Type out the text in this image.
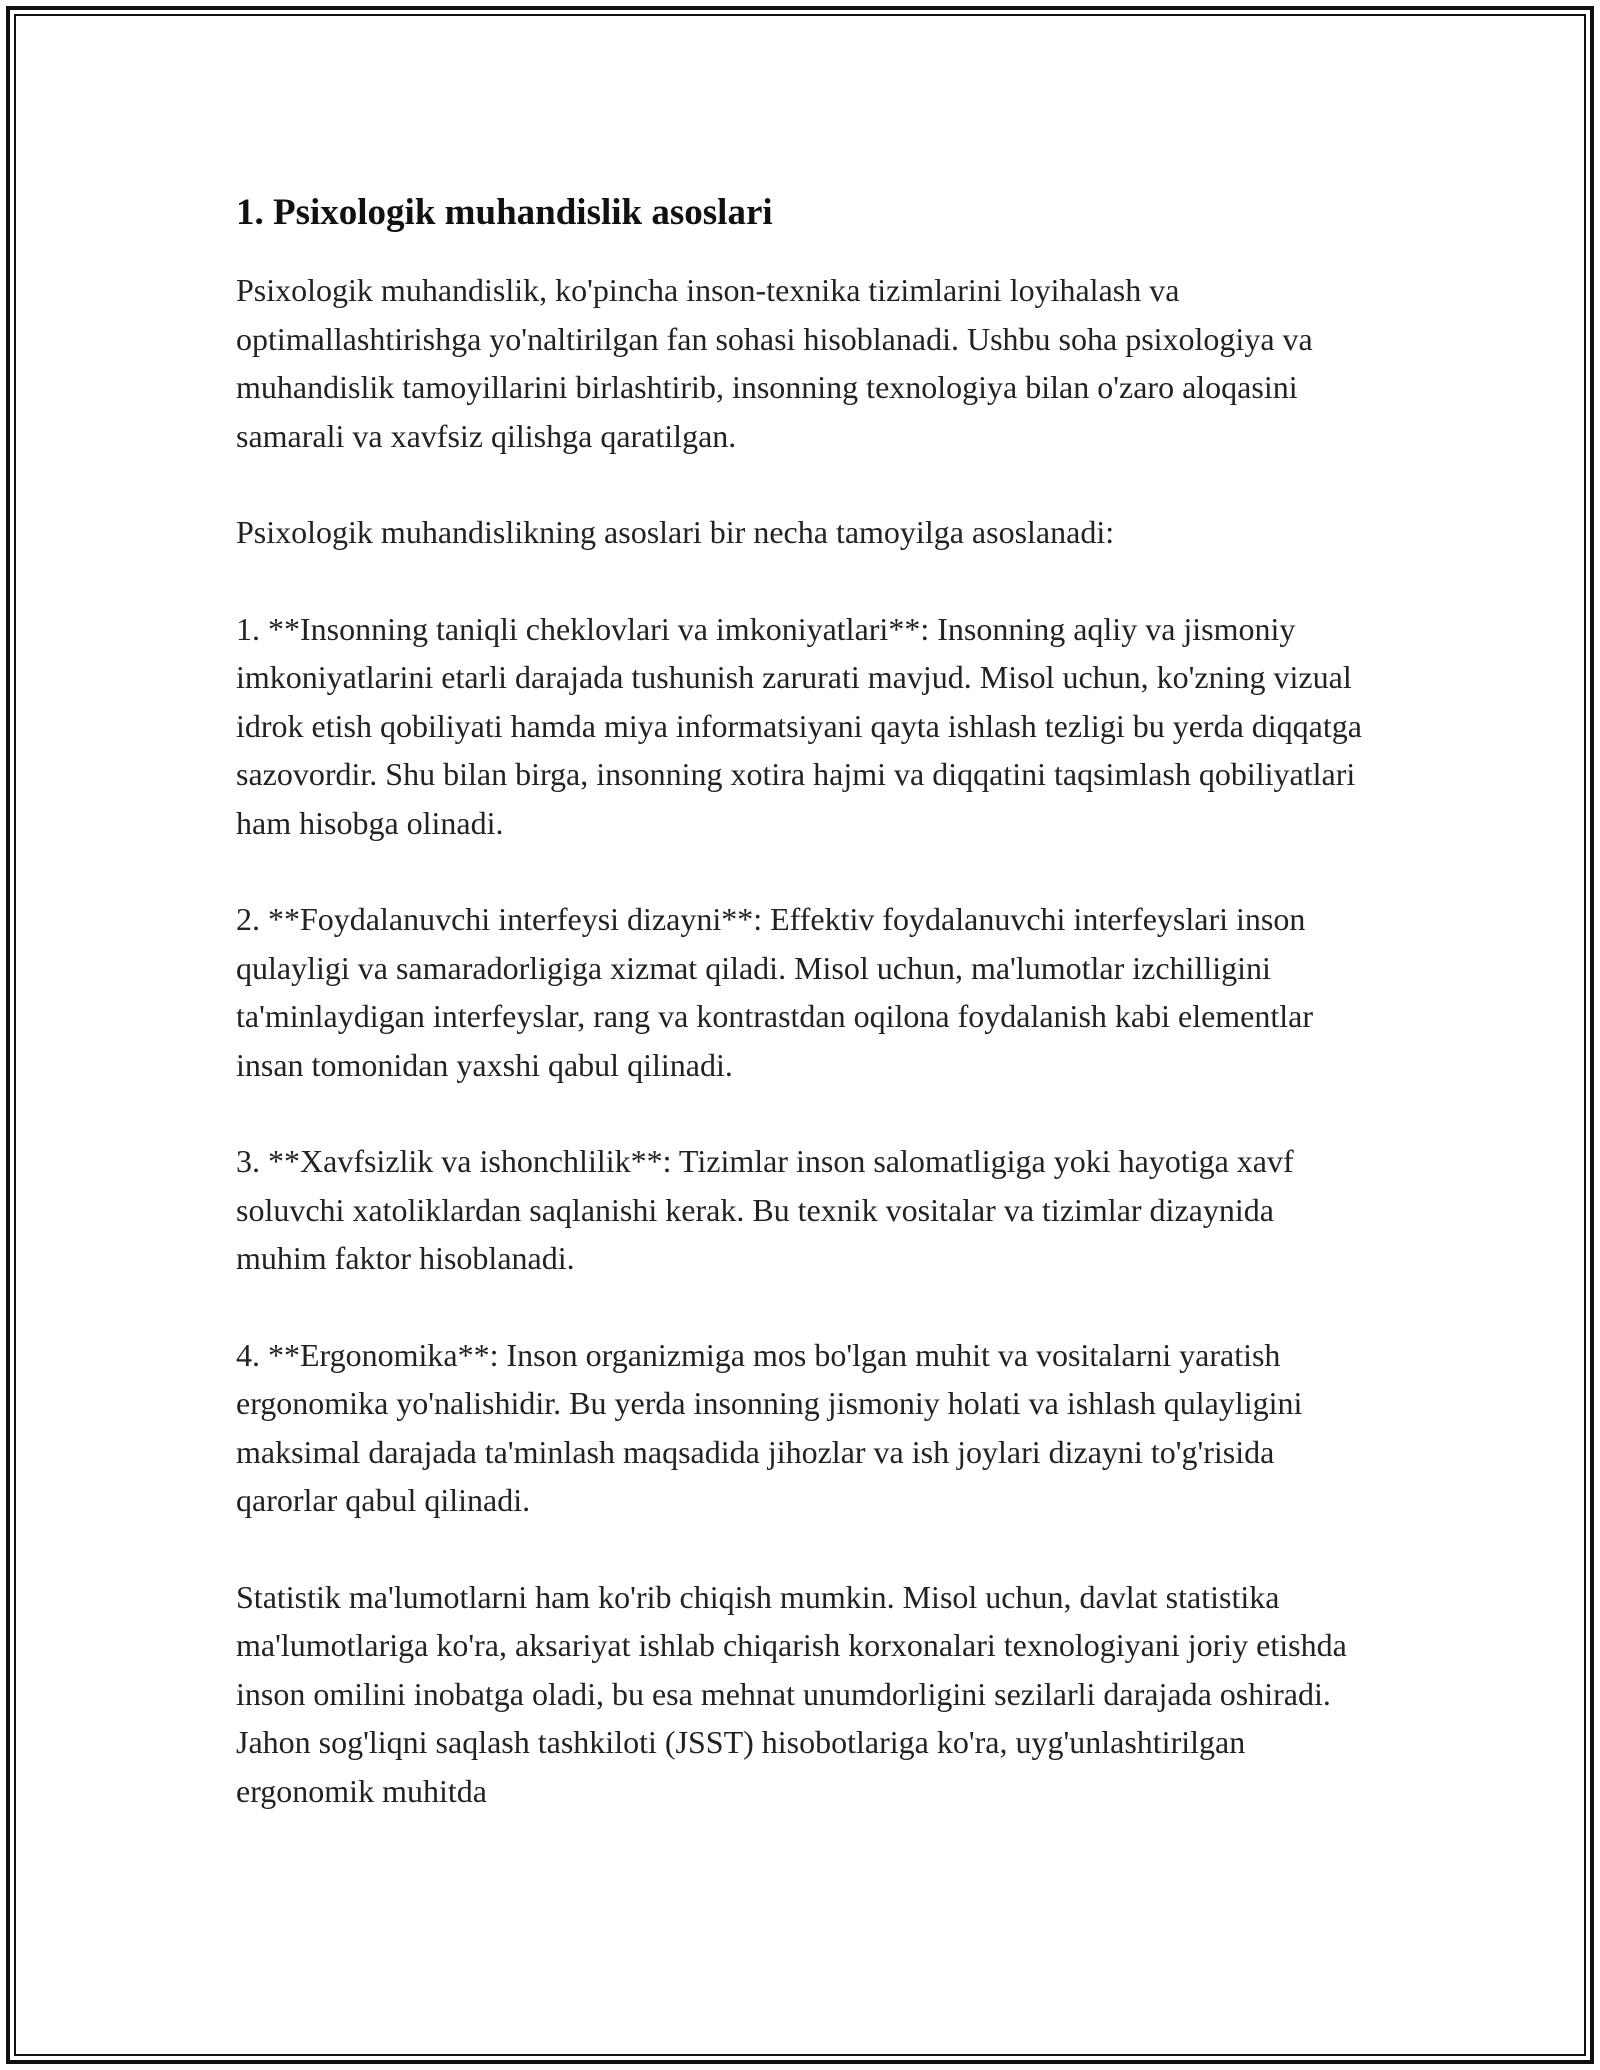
1. Psixologik muhandislik asoslari

Psixologik muhandislik, ko'pincha inson-texnika tizimlarini loyihalash va optimallashtirishga yo'naltirilgan fan sohasi hisoblanadi. Ushbu soha psixologiya va muhandislik tamoyillarini birlashtirib, insonning texnologiya bilan o'zaro aloqasini samarali va xavfsiz qilishga qaratilgan.

Psixologik muhandislikning asoslari bir necha tamoyilga asoslanadi:

1. **Insonning taniqli cheklovlari va imkoniyatlari**: Insonning aqliy va jismoniy imkoniyatlarini etarli darajada tushunish zarurati mavjud. Misol uchun, ko'zning vizual idrok etish qobiliyati hamda miya informatsiyani qayta ishlash tezligi bu yerda diqqatga sazovordir. Shu bilan birga, insonning xotira hajmi va diqqatini taqsimlash qobiliyatlari ham hisobga olinadi.

2. **Foydalanuvchi interfeysi dizayni**: Effektiv foydalanuvchi interfeyslari inson qulayligi va samaradorligiga xizmat qiladi. Misol uchun, ma'lumotlar izchilligini ta'minlaydigan interfeyslar, rang va kontrastdan oqilona foydalanish kabi elementlar insan tomonidan yaxshi qabul qilinadi.

3. **Xavfsizlik va ishonchlilik**: Tizimlar inson salomatligiga yoki hayotiga xavf soluvchi xatoliklardan saqlanishi kerak. Bu texnik vositalar va tizimlar dizaynida muhim faktor hisoblanadi.

4. **Ergonomika**: Inson organizmiga mos bo'lgan muhit va vositalarni yaratish ergonomika yo'nalishidir. Bu yerda insonning jismoniy holati va ishlash qulayligini maksimal darajada ta'minlash maqsadida jihozlar va ish joylari dizayni to'g'risida qarorlar qabul qilinadi.

Statistik ma'lumotlarni ham ko'rib chiqish mumkin. Misol uchun, davlat statistika ma'lumotlariga ko'ra, aksariyat ishlab chiqarish korxonalari texnologiyani joriy etishda inson omilini inobatga oladi, bu esa mehnat unumdorligini sezilarli darajada oshiradi. Jahon sog'liqni saqlash tashkiloti (JSST) hisobotlariga ko'ra, uyg'unlashtirilgan ergonomik muhitda
